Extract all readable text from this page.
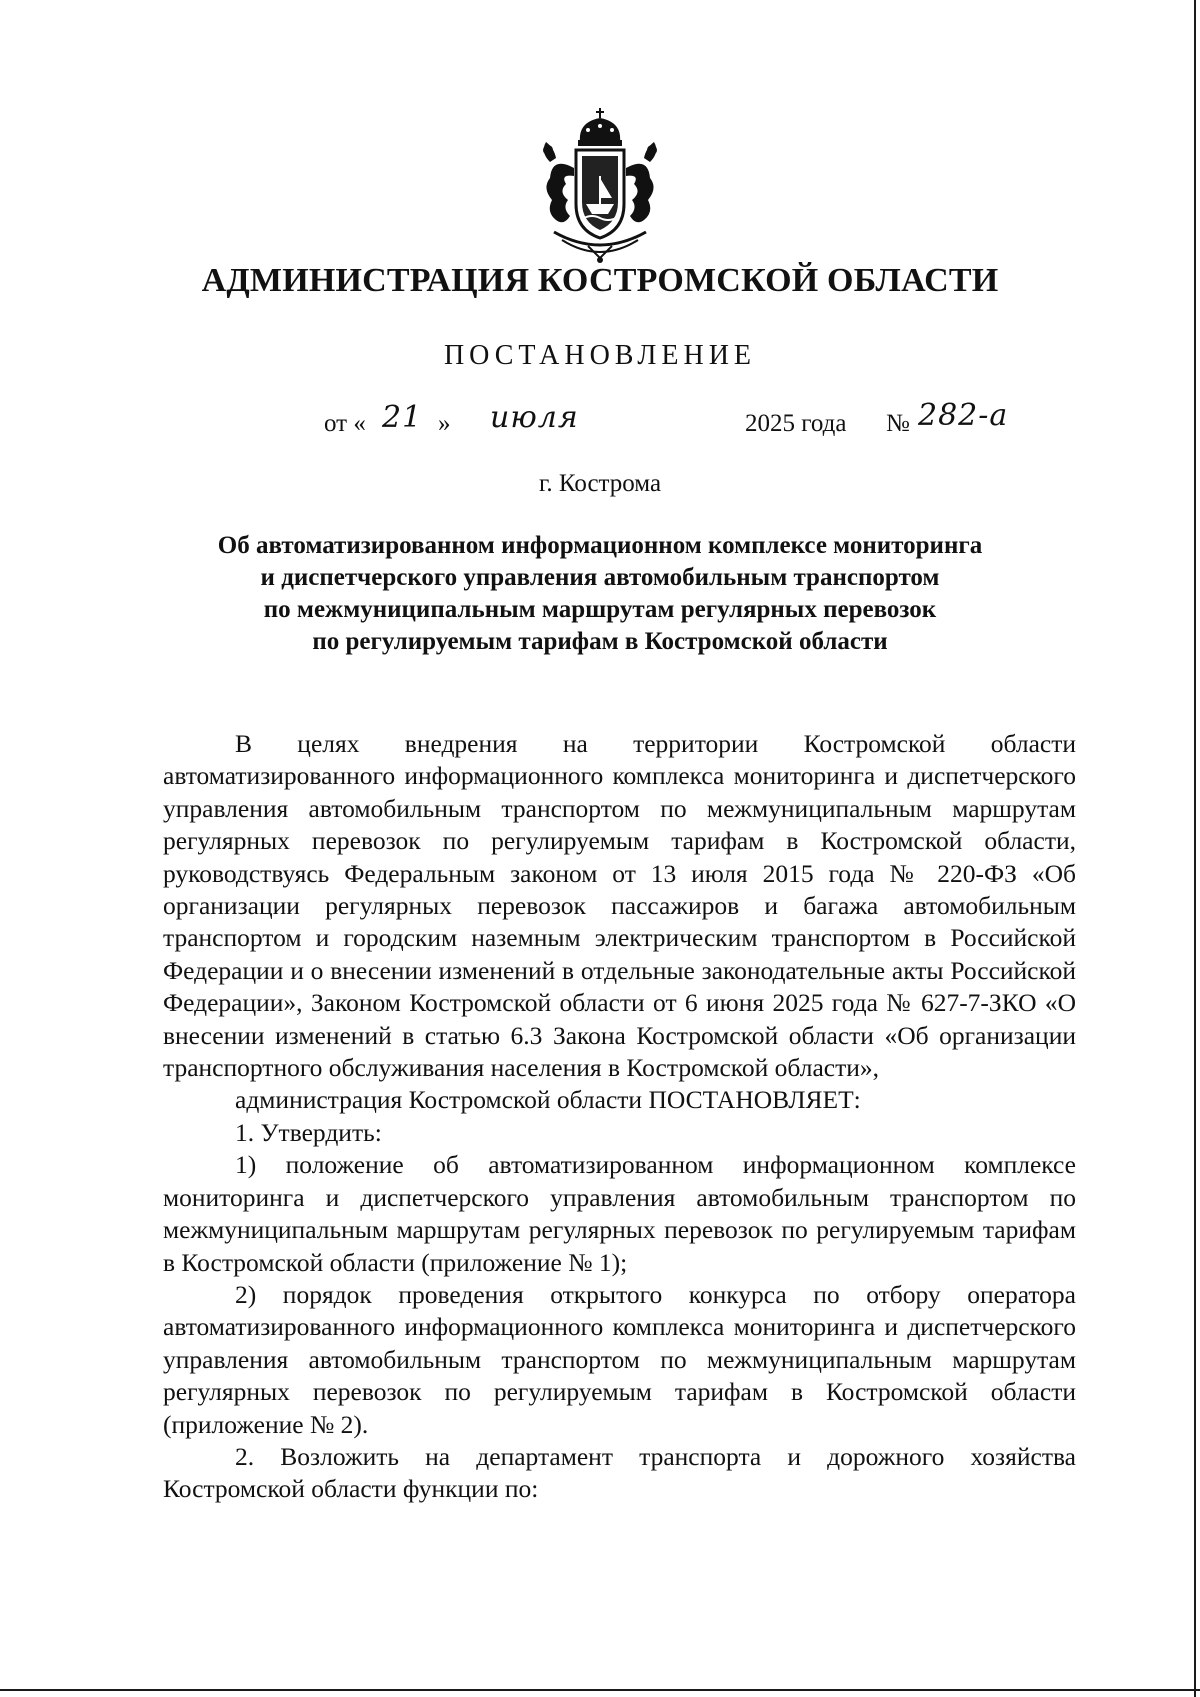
АДМИНИСТРАЦИЯ КОСТРОМСКОЙ ОБЛАСТИ
ПОСТАНОВЛЕНИЕ
от « 21 » июля	2025 года № 282-а
г. Кострома
Об автоматизированном информационном комплексе мониторинга
и диспетчерского управления автомобильным транспортом
по межмуниципальным маршрутам регулярных перевозок
по регулируемым тарифам в Костромской области

В целях внедрения на территории Костромской области автоматизированного информационного комплекса мониторинга и диспетчерского управления автомобильным транспортом по межмуниципальным маршрутам регулярных перевозок по регулируемым тарифам в Костромской области, руководствуясь Федеральным законом от 13 июля 2015 года № 220-ФЗ «Об организации регулярных перевозок пассажиров и багажа автомобильным транспортом и городским наземным электрическим транспортом в Российской Федерации и о внесении изменений в отдельные законодательные акты Российской Федерации», Законом Костромской области от 6 июня 2025 года № 627-7-ЗКО «О внесении изменений в статью 6.3 Закона Костромской области «Об организации транспортного обслуживания населения в Костромской области»,

администрация Костромской области ПОСТАНОВЛЯЕТ:

1. Утвердить:

1) положение об автоматизированном информационном комплексе мониторинга и диспетчерского управления автомобильным транспортом по межмуниципальным маршрутам регулярных перевозок по регулируемым тарифам в Костромской области (приложение № 1);

2) порядок проведения открытого конкурса по отбору оператора автоматизированного информационного комплекса мониторинга и диспетчерского управления автомобильным транспортом по межмуниципальным маршрутам регулярных перевозок по регулируемым тарифам в Костромской области (приложение № 2).

2. Возложить на департамент транспорта и дорожного хозяйства Костромской области функции по:
